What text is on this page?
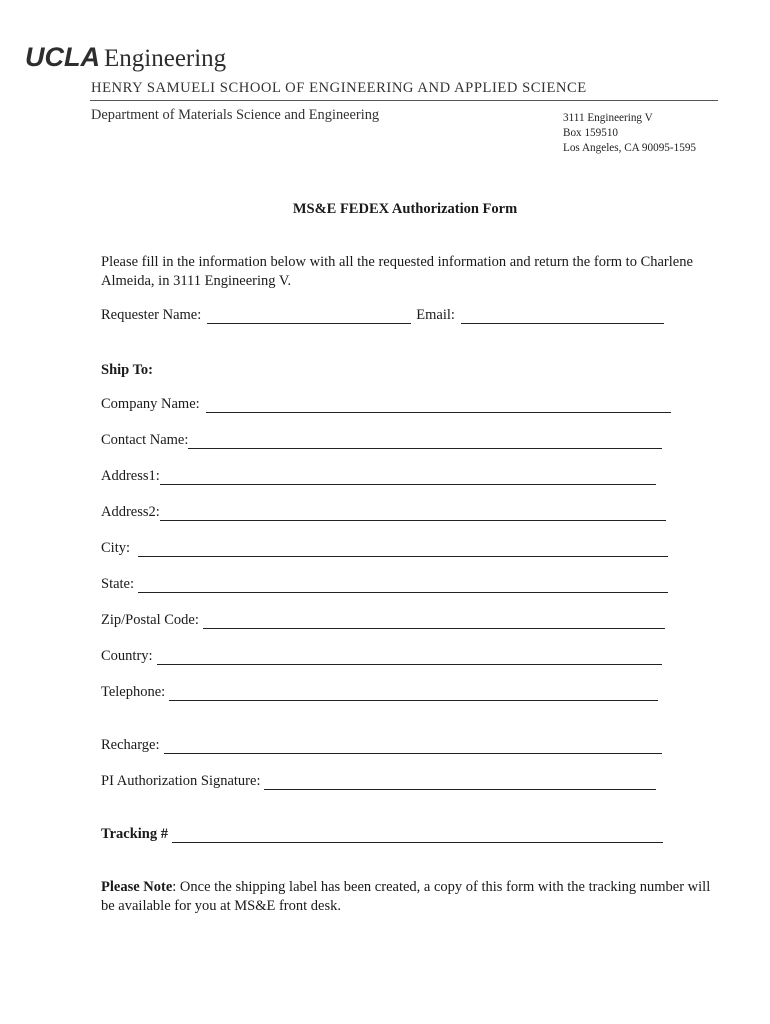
UCLA Engineering
HENRY SAMUELI SCHOOL OF ENGINEERING AND APPLIED SCIENCE
Department of Materials Science and Engineering	3111 Engineering V
Box 159510
Los Angeles, CA 90095-1595
MS&E FEDEX Authorization Form
Please fill in the information below with all the requested information and return the form to Charlene Almeida, in 3111 Engineering V.
Requester Name:	Email:
Ship To:
Company Name:
Contact Name:
Address1:
Address2:
City:
State:
Zip/Postal Code:
Country:
Telephone:
Recharge:
PI Authorization Signature:
Tracking #
Please Note: Once the shipping label has been created, a copy of this form with the tracking number will be available for you at MS&E front desk.
